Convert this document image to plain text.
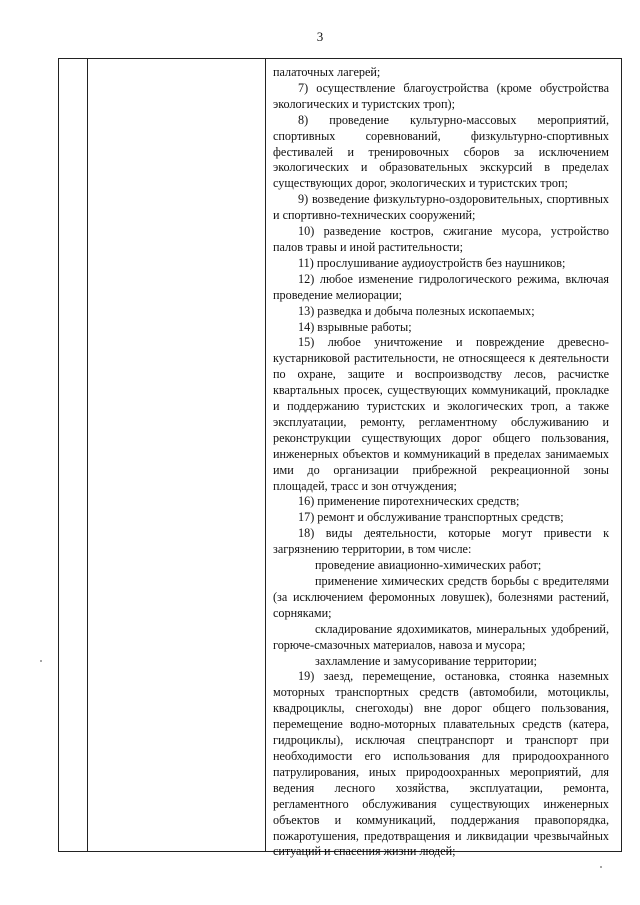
3

палаточных лагерей;

7) осуществление благоустройства (кроме обустройства экологических и туристских троп);

8) проведение культурно-массовых мероприятий, спортивных соревнований, физкультурно-спортивных фестивалей и тренировочных сборов за исключением экологических и образовательных экскурсий в пределах существующих дорог, экологических и туристских троп;

9) возведение физкультурно-оздоровительных, спортивных и спортивно-технических сооружений;

10) разведение костров, сжигание мусора, устройство палов травы и иной растительности;

11) прослушивание аудиоустройств без наушников;

12) любое изменение гидрологического режима, включая проведение мелиорации;

13) разведка и добыча полезных ископаемых;

14) взрывные работы;

15) любое уничтожение и повреждение древесно-кустарниковой растительности, не относящееся к деятельности по охране, защите и воспроизводству лесов, расчистке квартальных просек, существующих коммуникаций, прокладке и поддержанию туристских и экологических троп, а также эксплуатации, ремонту, регламентному обслуживанию и реконструкции существующих дорог общего пользования, инженерных объектов и коммуникаций в пределах занимаемых ими до организации прибрежной рекреационной зоны площадей, трасс и зон отчуждения;

16) применение пиротехнических средств;

17) ремонт и обслуживание транспортных средств;

18) виды деятельности, которые могут привести к загрязнению территории, в том числе:

проведение авиационно-химических работ;

применение химических средств борьбы с вредителями (за исключением феромонных ловушек), болезнями растений, сорняками;

складирование ядохимикатов, минеральных удобрений, горюче-смазочных материалов, навоза и мусора;

захламление и замусоривание территории;

19) заезд, перемещение, остановка, стоянка наземных моторных транспортных средств (автомобили, мотоциклы, квадроциклы, снегоходы) вне дорог общего пользования, перемещение водно-моторных плавательных средств (катера, гидроциклы), исключая спецтранспорт и транспорт при необходимости его использования для природоохранного патрулирования, иных природоохранных мероприятий, для ведения лесного хозяйства, эксплуатации, ремонта, регламентного обслуживания существующих инженерных объектов и коммуникаций, поддержания правопорядка, пожаротушения, предотвращения и ликвидации чрезвычайных ситуаций и спасения жизни людей;
